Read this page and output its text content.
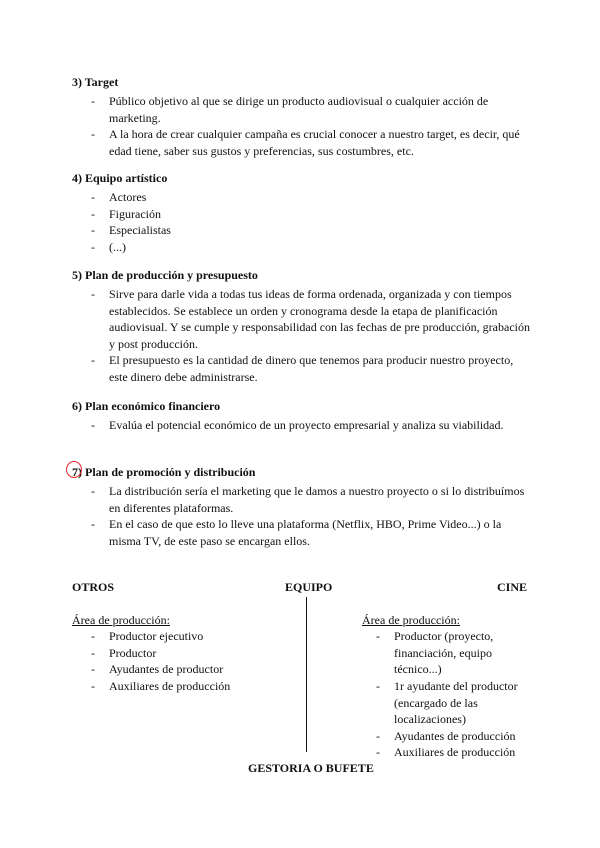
3) Target
- Público objetivo al que se dirige un producto audiovisual o cualquier acción de marketing.
- A la hora de crear cualquier campaña es crucial conocer a nuestro target, es decir, qué edad tiene, saber sus gustos y preferencias, sus costumbres, etc.
4) Equipo artístico
- Actores
- Figuración
- Especialistas
- (...)
5) Plan de producción y presupuesto
- Sirve para darle vida a todas tus ideas de forma ordenada, organizada y con tiempos establecidos. Se establece un orden y cronograma desde la etapa de planificación audiovisual. Y se cumple y responsabilidad con las fechas de pre producción, grabación y post producción.
- El presupuesto es la cantidad de dinero que tenemos para producir nuestro proyecto, este dinero debe administrarse.
6) Plan económico financiero
- Evalúa el potencial económico de un proyecto empresarial y analiza su viabilidad.
7) Plan de promoción y distribución
- La distribución sería el marketing que le damos a nuestro proyecto o si lo distribuímos en diferentes plataformas.
- En el caso de que esto lo lleve una plataforma (Netflix, HBO, Prime Video...) o la misma TV, de este paso se encargan ellos.
OTROS	EQUIPO	CINE
Área de producción:
- Productor ejecutivo
- Productor
- Ayudantes de productor
- Auxiliares de producción
Área de producción:
- Productor (proyecto, financiación, equipo técnico...)
- 1r ayudante del productor (encargado de las localizaciones)
- Ayudantes de producción
- Auxiliares de producción
GESTORIA O BUFETE
